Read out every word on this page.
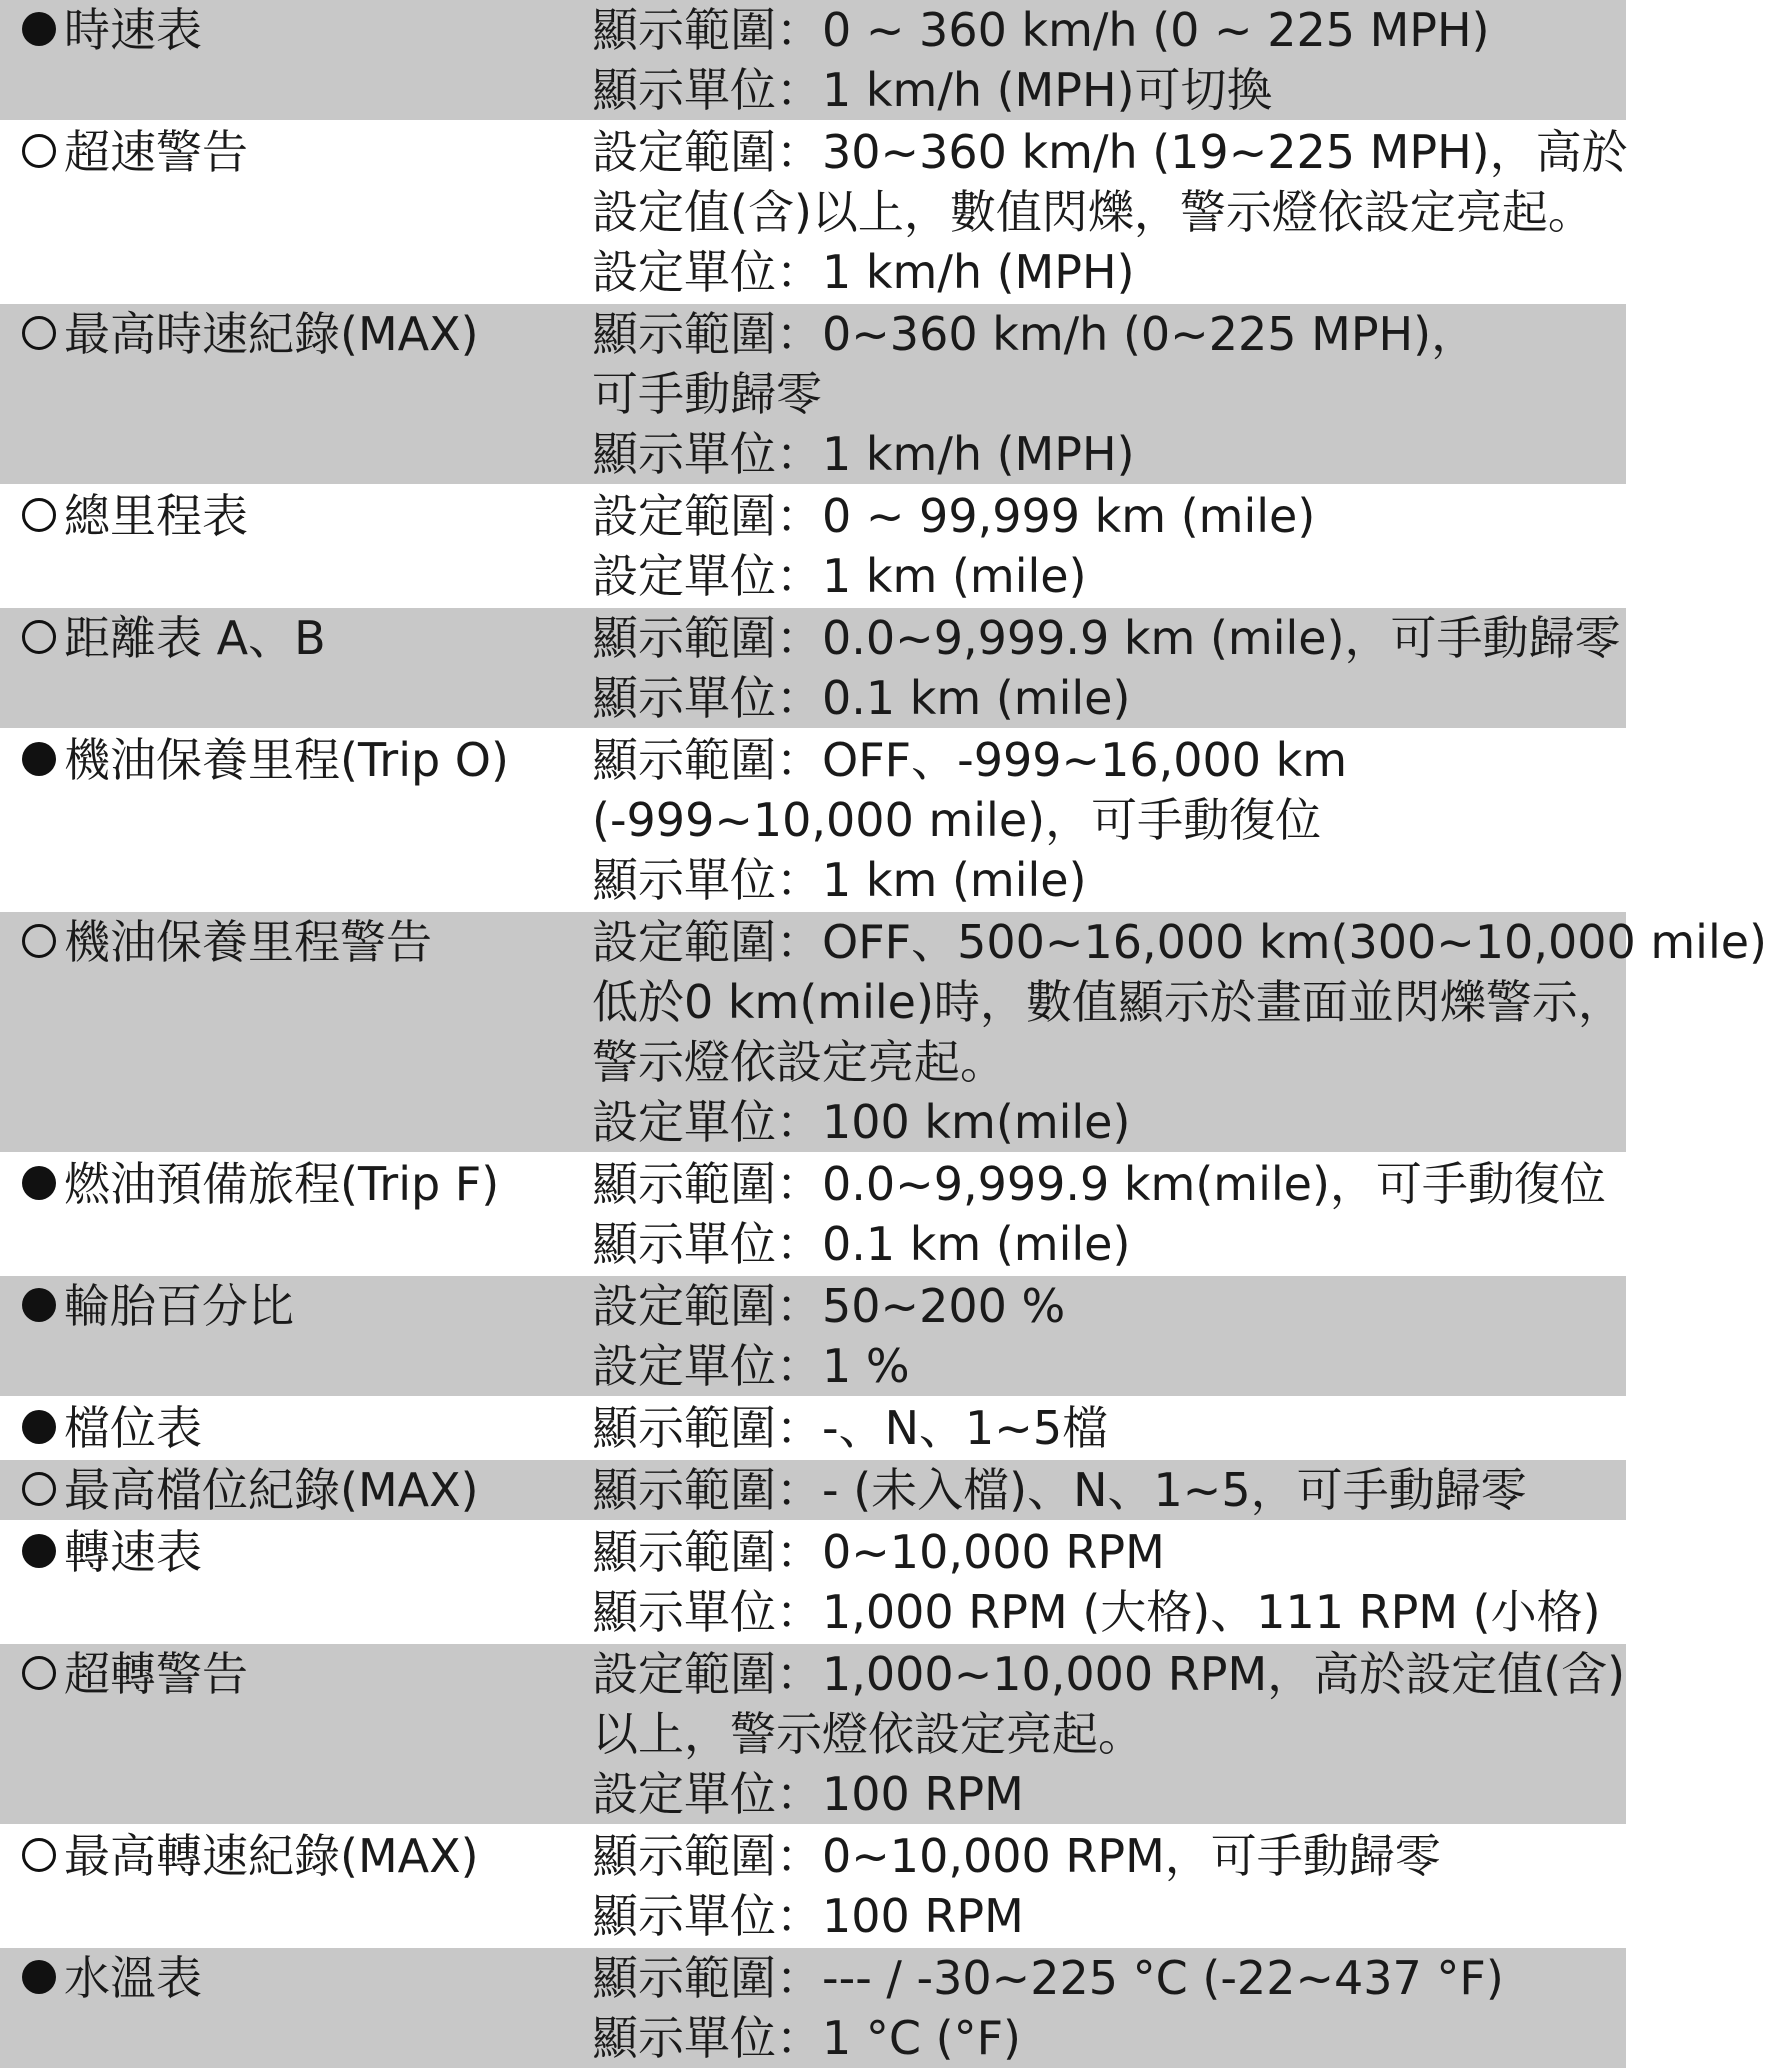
時速表	顯示範圍：0 ~ 360 km/h (0 ~ 225 MPH)
顯示單位：1 km/h (MPH)可切換
超速警告	設定範圍：30~360 km/h (19~225 MPH)，高於
設定值(含)以上，數值閃爍，警示燈依設定亮起。
設定單位：1 km/h (MPH)
最高時速紀錄(MAX) 顯示範圍：0~360 km/h (0~225 MPH)，
可手動歸零
顯示單位：1 km/h (MPH)
總里程表	設定範圍：0 ~ 99,999 km (mile)
設定單位：1 km (mile)
距離表 A、B	顯示範圍：0.0~9,999.9 km (mile)，可手動歸零
顯示單位：0.1 km (mile)
機油保養里程(Trip O) 顯示範圍：OFF、-999~16,000 km
(-999~10,000 mile)，可手動復位
顯示單位：1 km (mile)
機油保養里程警告	設定範圍：OFF、500~16,000 km(300~10,000 mile)
低於0 km(mile)時，數值顯示於畫面並閃爍警示，
警示燈依設定亮起。
設定單位：100 km(mile)
燃油預備旅程(Trip F) 顯示範圍：0.0~9,999.9 km(mile)，可手動復位
顯示單位：0.1 km (mile)
輪胎百分比	設定範圍：50~200 %
設定單位：1 %
檔位表	顯示範圍：-、N、1~5檔
最高檔位紀錄(MAX) 顯示範圍：- (未入檔)、N、1~5，可手動歸零
轉速表	顯示範圍：0~10,000 RPM
顯示單位：1,000 RPM (大格)、111 RPM (小格)
超轉警告	設定範圍：1,000~10,000 RPM，高於設定值(含)
以上，警示燈依設定亮起。
設定單位：100 RPM
最高轉速紀錄(MAX) 顯示範圍：0~10,000 RPM，可手動歸零
顯示單位：100 RPM
水溫表	顯示範圍：--- / -30~225 °C (-22~437 °F)
顯示單位：1 °C (°F)
